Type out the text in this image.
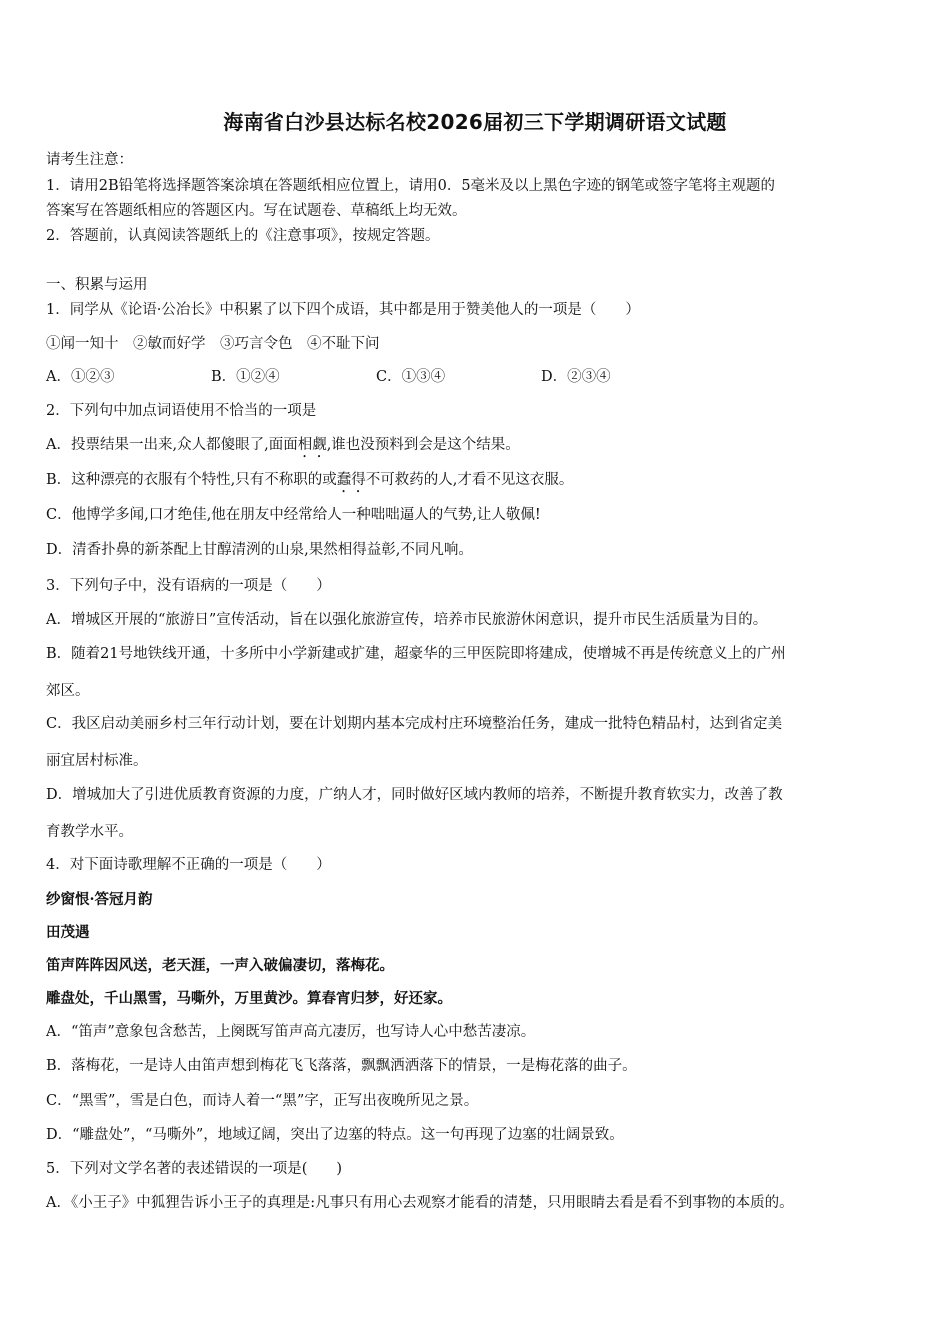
海南省白沙县达标名校2026届初三下学期调研语文试题
请考生注意：
1．请用2B铅笔将选择题答案涂填在答题纸相应位置上，请用0．5毫米及以上黑色字迹的钢笔或签字笔将主观题的
答案写在答题纸相应的答题区内。写在试题卷、草稿纸上均无效。
2．答题前，认真阅读答题纸上的《注意事项》，按规定答题。
一、积累与运用
1．同学从《论语·公冶长》中积累了以下四个成语，其中都是用于赞美他人的一项是（　　）
①闻一知十　②敏而好学　③巧言令色　④不耻下问
A．①②③	B．①②④	C．①③④	D．②③④
2．下列句中加点词语使用不恰当的一项是
A．投票结果一出来,众人都傻眼了,面面相觑,谁也没预料到会是这个结果。
B．这种漂亮的衣服有个特性,只有不称职的或蠢得不可救药的人,才看不见这衣服。
C．他博学多闻,口才绝佳,他在朋友中经常给人一种咄咄逼人的气势,让人敬佩!
D．清香扑鼻的新茶配上甘醇清洌的山泉,果然相得益彰,不同凡响。
3．下列句子中，没有语病的一项是（　　）
A．增城区开展的“旅游日”宣传活动，旨在以强化旅游宣传，培养市民旅游休闲意识，提升市民生活质量为目的。
B．随着21号地铁线开通，十多所中小学新建或扩建，超豪华的三甲医院即将建成，使增城不再是传统意义上的广州
郊区。
C．我区启动美丽乡村三年行动计划，要在计划期内基本完成村庄环境整治任务，建成一批特色精品村，达到省定美
丽宜居村标准。
D．增城加大了引进优质教育资源的力度，广纳人才，同时做好区域内教师的培养，不断提升教育软实力，改善了教
育教学水平。
4．对下面诗歌理解不正确的一项是（　　）
纱窗恨·答冠月韵
田茂遇
笛声阵阵因风送，老天涯，一声入破偏凄切，落梅花。
雕盘处，千山黑雪，马嘶外，万里黄沙。算春宵归梦，好还家。
A．“笛声”意象包含愁苦，上阕既写笛声高亢凄厉，也写诗人心中愁苦凄凉。
B．落梅花，一是诗人由笛声想到梅花飞飞落落，飘飘洒洒落下的情景，一是梅花落的曲子。
C．“黑雪”，雪是白色，而诗人着一“黑”字，正写出夜晚所见之景。
D．“雕盘处”，“马嘶外”，地域辽阔，突出了边塞的特点。这一句再现了边塞的壮阔景致。
5．下列对文学名著的表述错误的一项是(　　)
A．《小王子》中狐狸告诉小王子的真理是:凡事只有用心去观察才能看的清楚，只用眼睛去看是看不到事物的本质的。
